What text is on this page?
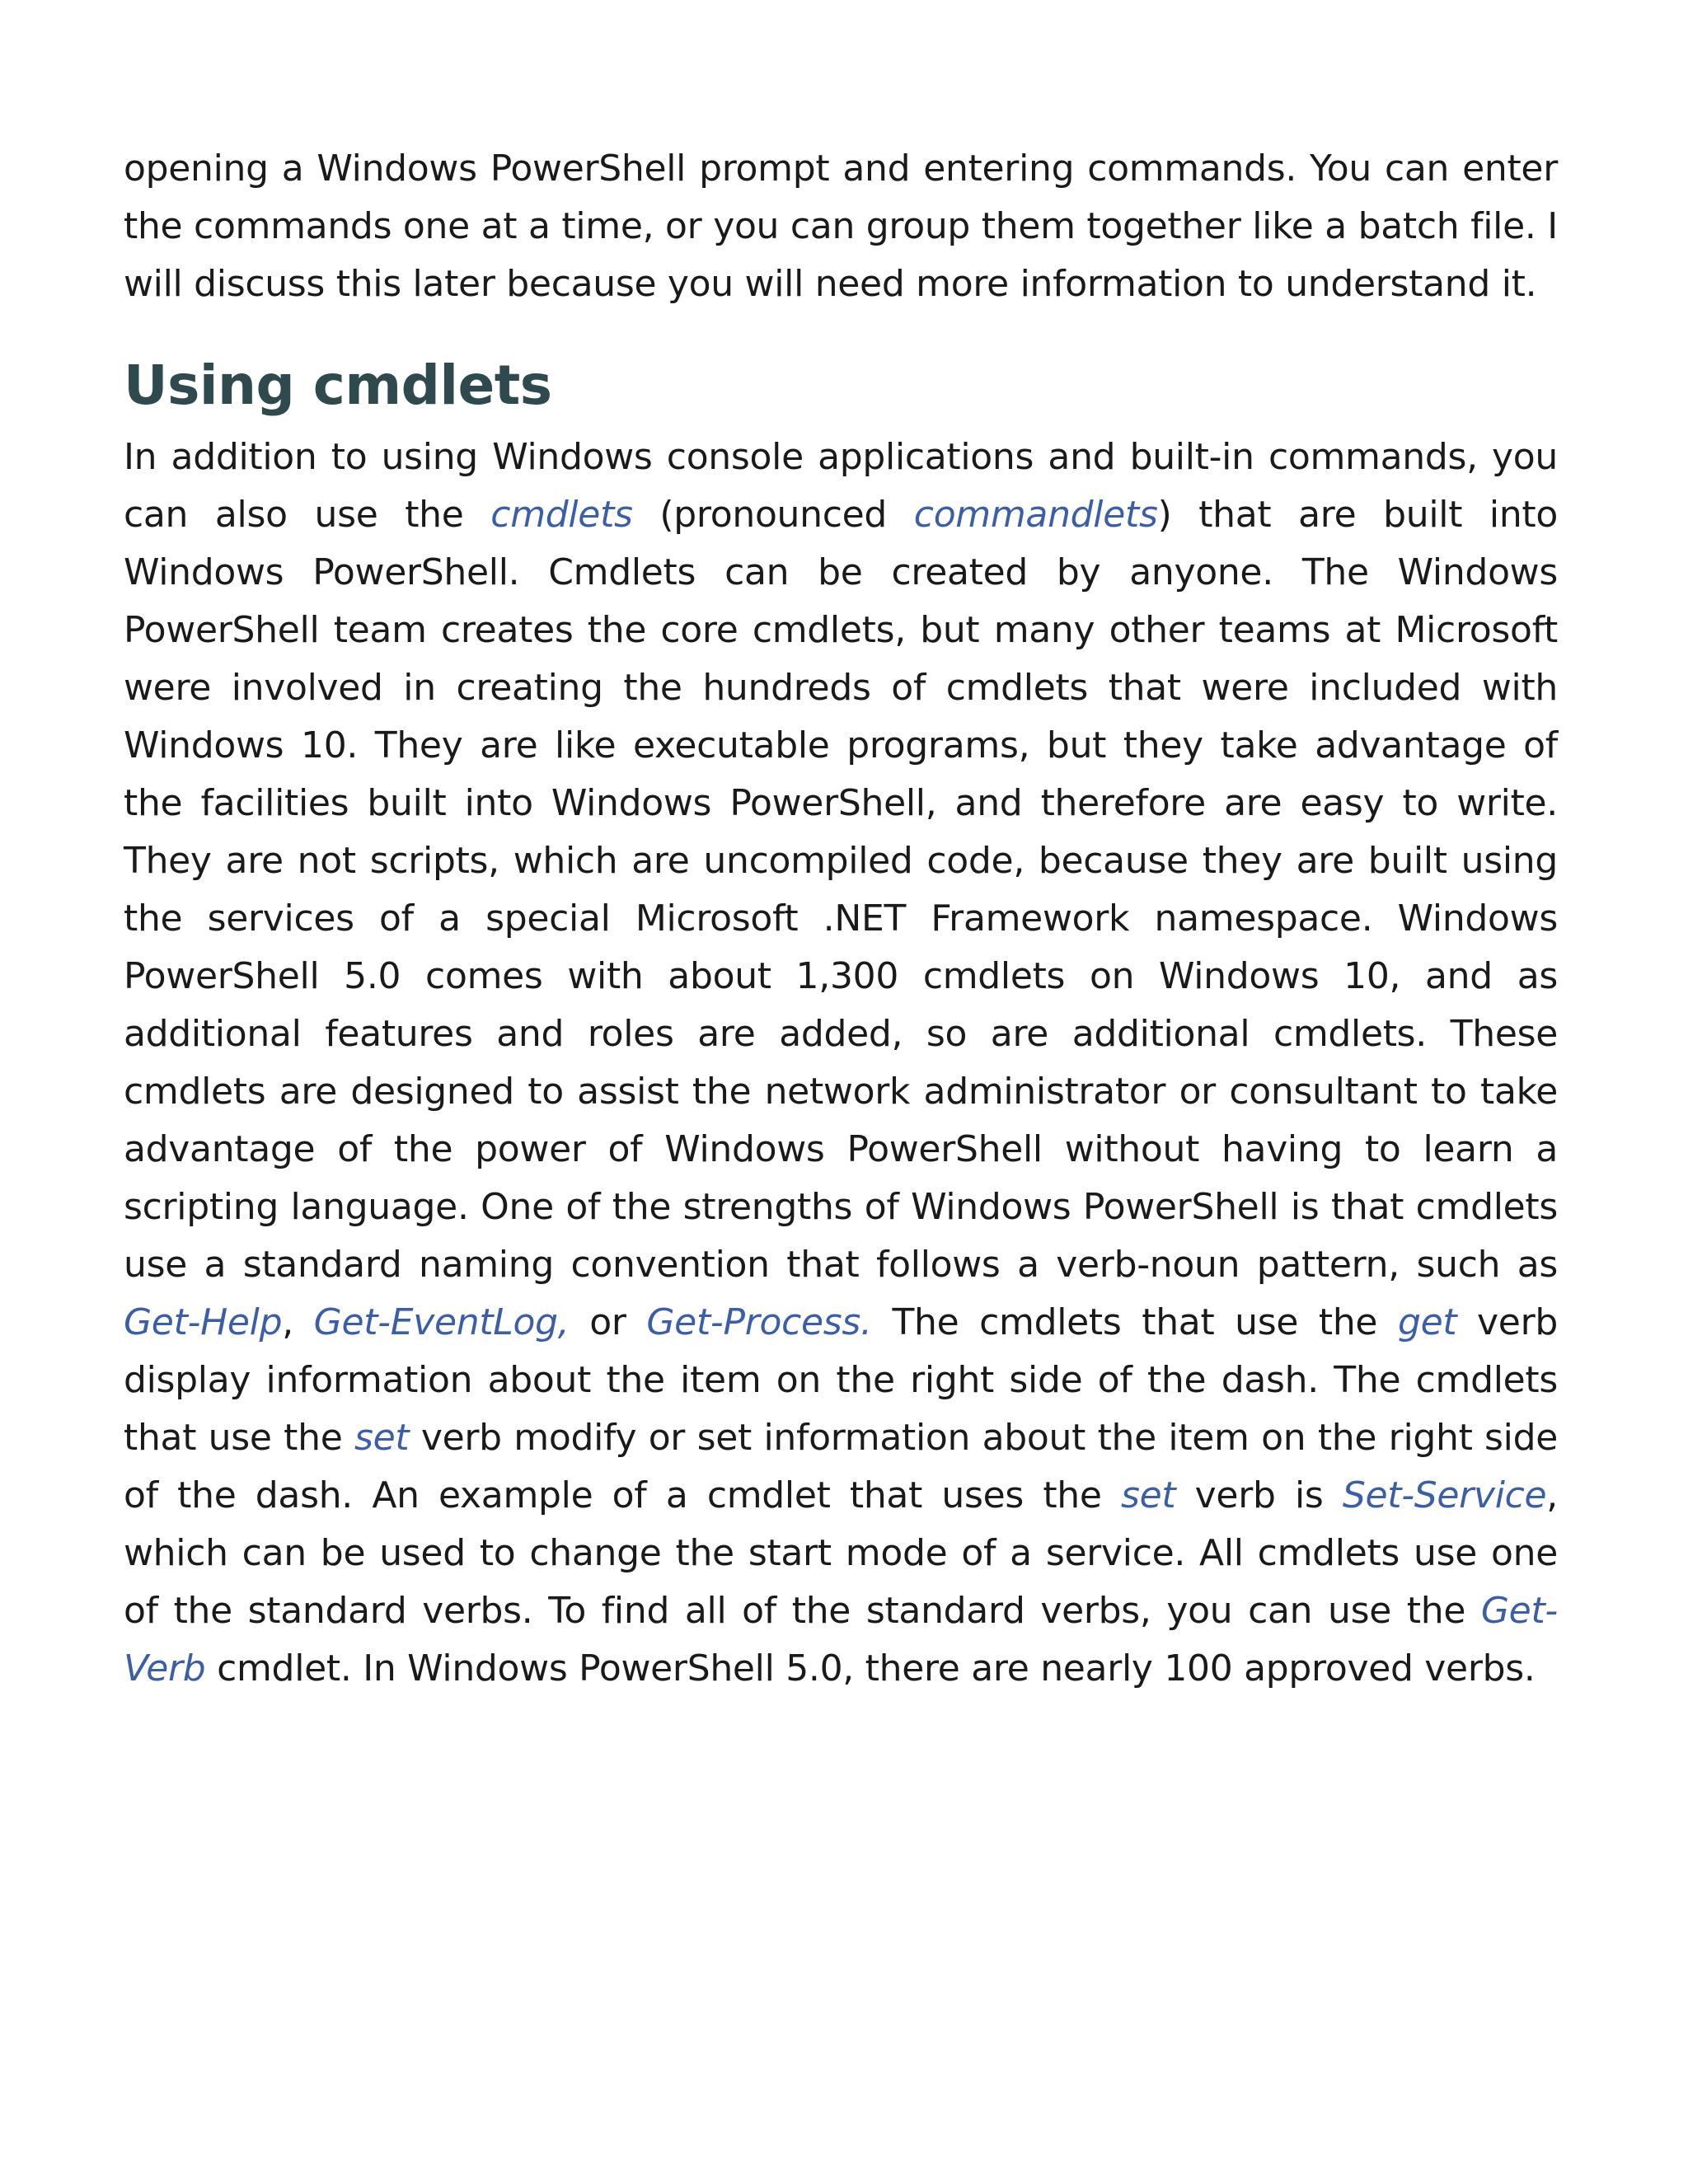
opening a Windows PowerShell prompt and entering commands. You can enter the commands one at a time, or you can group them together like a batch file. I will discuss this later because you will need more information to understand it.

Using cmdlets

In addition to using Windows console applications and built-in commands, you can also use the cmdlets (pronounced commandlets) that are built into Windows PowerShell. Cmdlets can be created by anyone. The Windows PowerShell team creates the core cmdlets, but many other teams at Microsoft were involved in creating the hundreds of cmdlets that were included with Windows 10. They are like executable programs, but they take advantage of the facilities built into Windows PowerShell, and therefore are easy to write. They are not scripts, which are uncompiled code, because they are built using the services of a special Microsoft .NET Framework namespace. Windows PowerShell 5.0 comes with about 1,300 cmdlets on Windows 10, and as additional features and roles are added, so are additional cmdlets. These cmdlets are designed to assist the network administrator or consultant to take advantage of the power of Windows PowerShell without having to learn a scripting language. One of the strengths of Windows PowerShell is that cmdlets use a standard naming convention that follows a verb-noun pattern, such as Get-Help, Get-EventLog, or Get-Process. The cmdlets that use the get verb display information about the item on the right side of the dash. The cmdlets that use the set verb modify or set information about the item on the right side of the dash. An example of a cmdlet that uses the set verb is Set-Service, which can be used to change the start mode of a service. All cmdlets use one of the standard verbs. To find all of the standard verbs, you can use the Get-Verb cmdlet. In Windows PowerShell 5.0, there are nearly 100 approved verbs.
